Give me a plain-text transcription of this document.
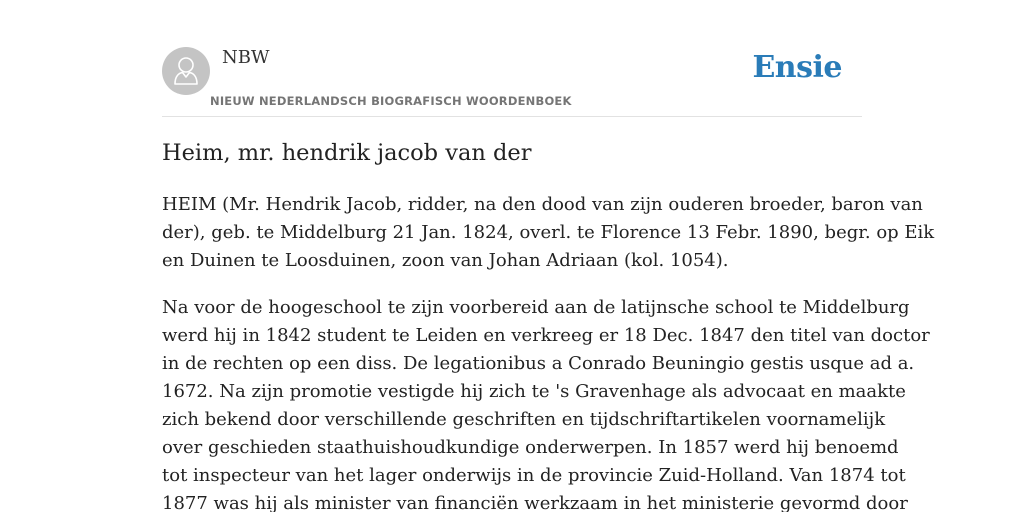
NBW
NIEUW NEDERLANDSCH BIOGRAFISCH WOORDENBOEK
Ensie
Heim, mr. hendrik jacob van der

HEIM (Mr. Hendrik Jacob, ridder, na den dood van zijn ouderen broeder, baron van
der), geb. te Middelburg 21 Jan. 1824, overl. te Florence 13 Febr. 1890, begr. op Eik
en Duinen te Loosduinen, zoon van Johan Adriaan (kol. 1054).

Na voor de hoogeschool te zijn voorbereid aan de latijnsche school te Middelburg
werd hij in 1842 student te Leiden en verkreeg er 18 Dec. 1847 den titel van doctor
in de rechten op een diss. De legationibus a Conrado Beuningio gestis usque ad a.
1672. Na zijn promotie vestigde hij zich te 's Gravenhage als advocaat en maakte
zich bekend door verschillende geschriften en tijdschriftartikelen voornamelijk
over geschieden staathuishoudkundige onderwerpen. In 1857 werd hij benoemd
tot inspecteur van het lager onderwijs in de provincie Zuid-Holland. Van 1874 tot
1877 was hij als minister van financiën werkzaam in het ministerie gevormd door
